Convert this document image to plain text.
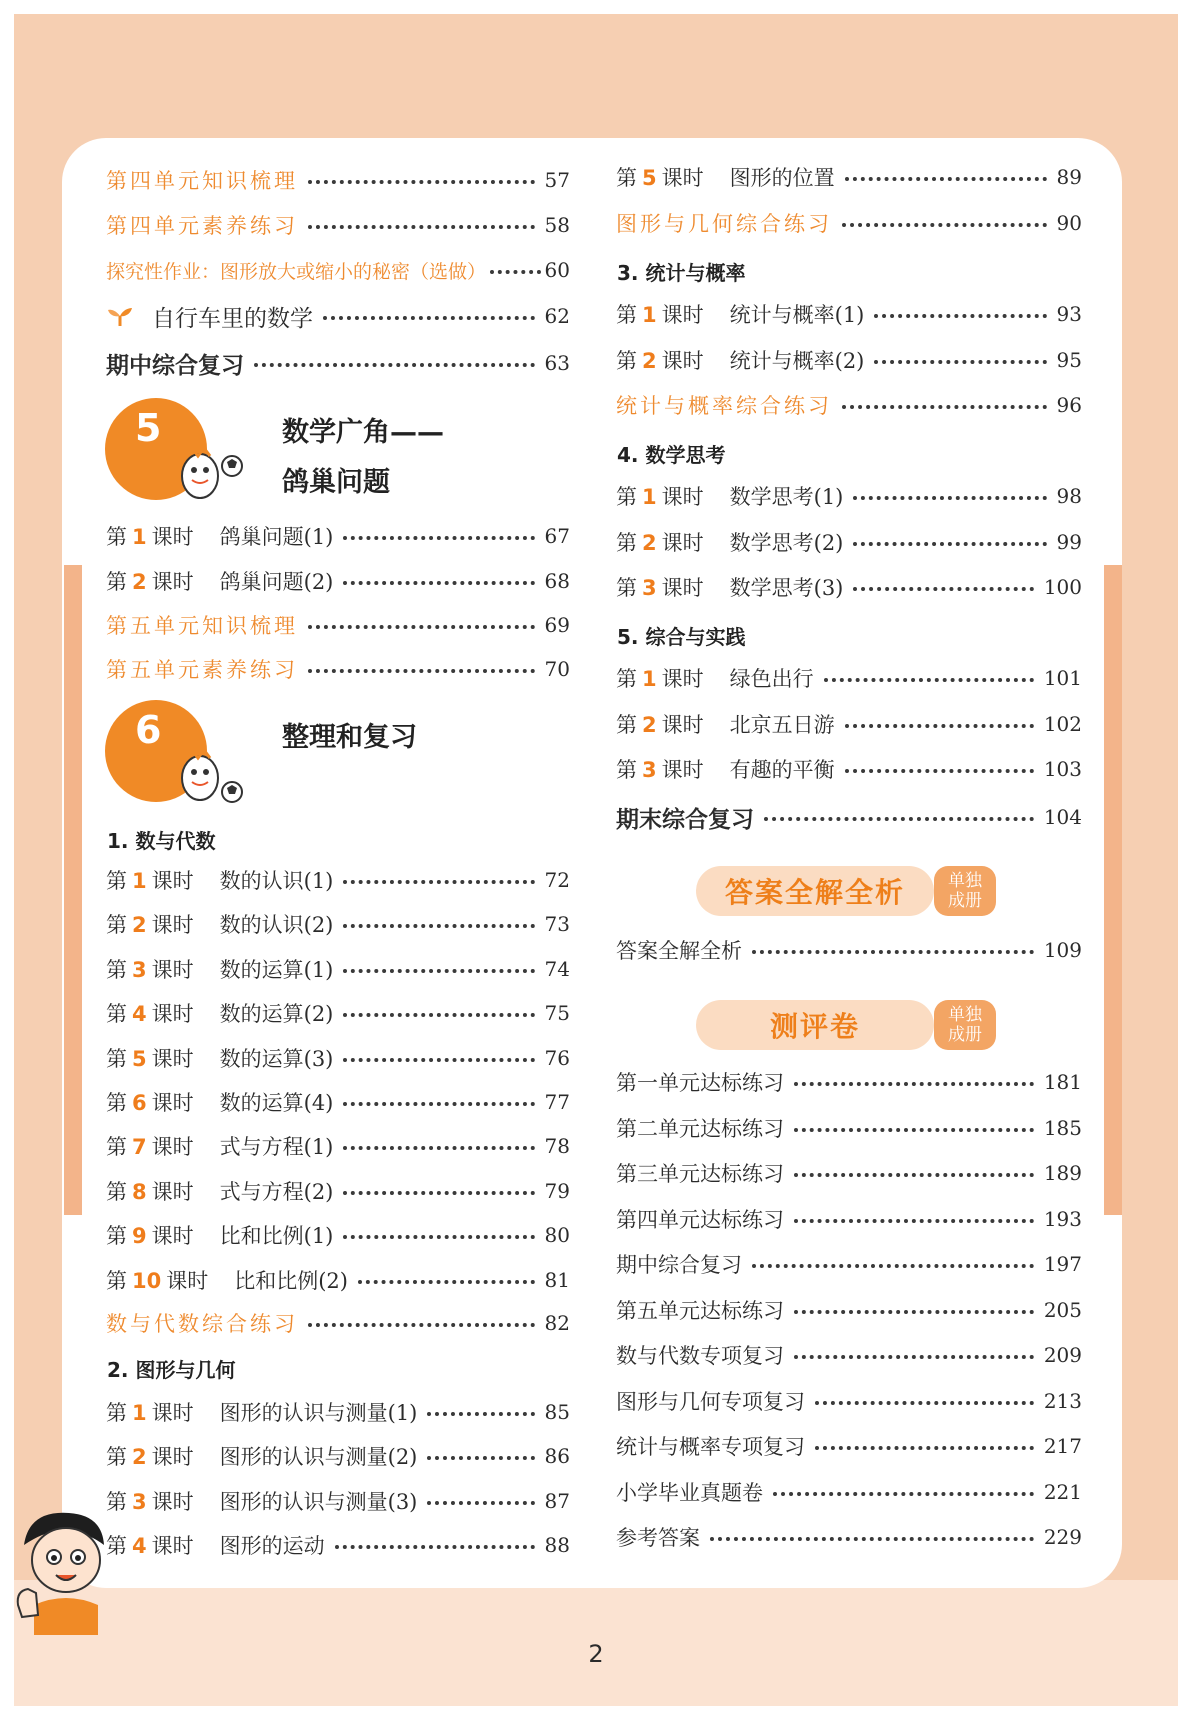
第四单元知识梳理	57
第四单元素养练习	58
探究性作业：图形放大或缩小的秘密（选做）	60
自行车里的数学	62
期中综合复习	63
5	数学广角——
鸽巢问题
第 1 课时 鸽巢问题(1)	67
第 2 课时 鸽巢问题(2)	68
第五单元知识梳理	69
第五单元素养练习	70
6	整理和复习
1. 数与代数
第 1 课时 数的认识(1)	72
第 2 课时 数的认识(2)	73
第 3 课时 数的运算(1)	74
第 4 课时 数的运算(2)	75
第 5 课时 数的运算(3)	76
第 6 课时 数的运算(4)	77
第 7 课时 式与方程(1)	78
第 8 课时 式与方程(2)	79
第 9 课时 比和比例(1)	80
第 10 课时 比和比例(2)	81
数与代数综合练习	82
2. 图形与几何
第 1 课时 图形的认识与测量(1)	85
第 2 课时 图形的认识与测量(2)	86
第 3 课时 图形的认识与测量(3)	87
第 4 课时 图形的运动	88
第 5 课时 图形的位置	89
图形与几何综合练习	90
3. 统计与概率
第 1 课时 统计与概率(1)	93
第 2 课时 统计与概率(2)	95
统计与概率综合练习	96
4. 数学思考
第 1 课时 数学思考(1)	98
第 2 课时 数学思考(2)	99
第 3 课时 数学思考(3)	100
5. 综合与实践
第 1 课时 绿色出行	101
第 2 课时 北京五日游	102
第 3 课时 有趣的平衡	103
期末综合复习	104
答案全解全析	单独
成册
答案全解全析	109
测评卷	单独
成册
第一单元达标练习	181
第二单元达标练习	185
第三单元达标练习	189
第四单元达标练习	193
期中综合复习	197
第五单元达标练习	205
数与代数专项复习	209
图形与几何专项复习	213
统计与概率专项复习	217
小学毕业真题卷	221
参考答案	229
2
